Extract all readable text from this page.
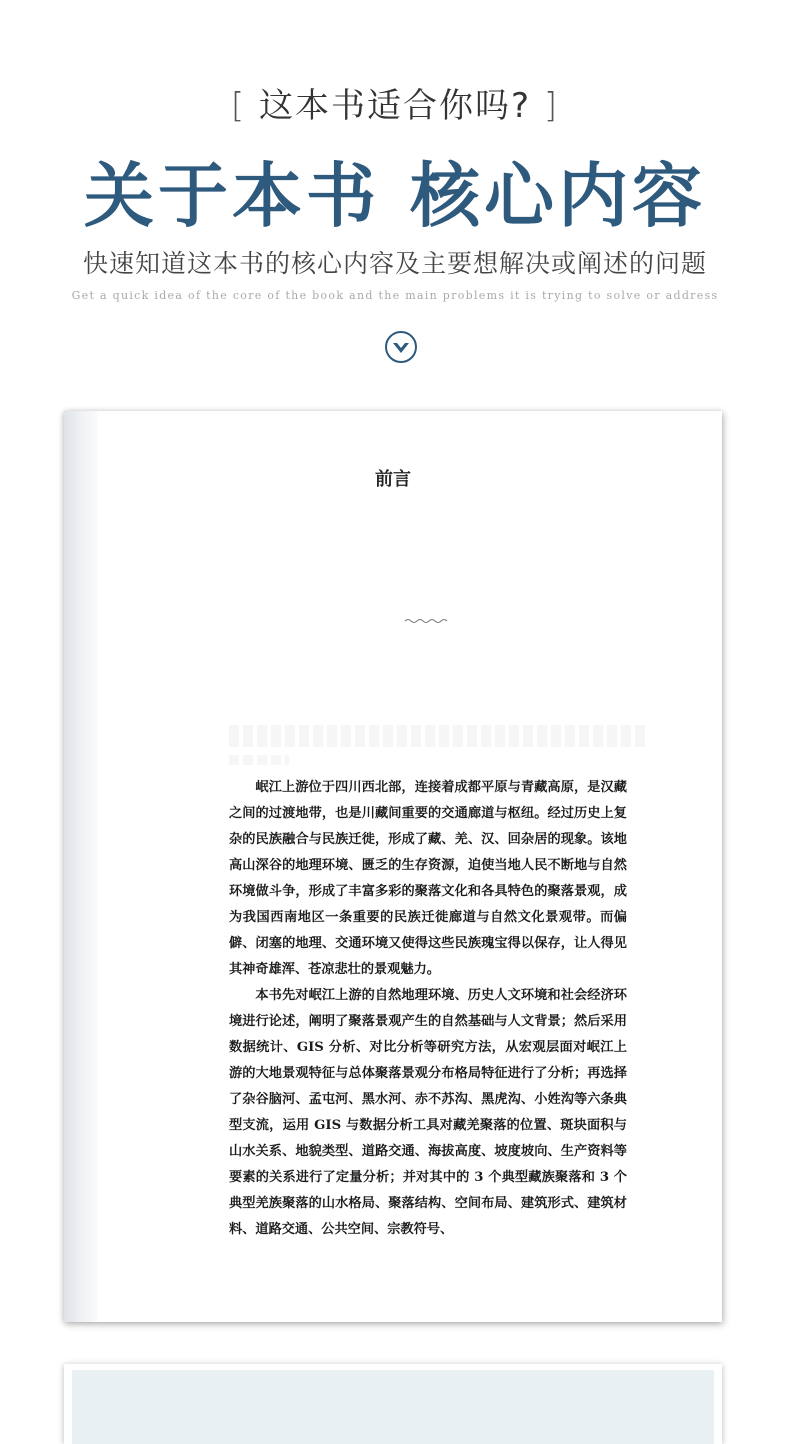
[ 这本书适合你吗? ]
关于本书 核心内容
快速知道这本书的核心内容及主要想解决或阐述的问题
Get a quick idea of the core of the book and the main problems it is trying to solve or address
前言

岷江上游位于四川西北部，连接着成都平原与青藏高原，是汉藏之间的过渡地带，也是川藏间重要的交通廊道与枢纽。经过历史上复杂的民族融合与民族迁徙，形成了藏、羌、汉、回杂居的现象。该地高山深谷的地理环境、匮乏的生存资源，迫使当地人民不断地与自然环境做斗争，形成了丰富多彩的聚落文化和各具特色的聚落景观，成为我国西南地区一条重要的民族迁徙廊道与自然文化景观带。而偏僻、闭塞的地理、交通环境又使得这些民族瑰宝得以保存，让人得见其神奇雄浑、苍凉悲壮的景观魅力。

本书先对岷江上游的自然地理环境、历史人文环境和社会经济环境进行论述，阐明了聚落景观产生的自然基础与人文背景；然后采用数据统计、GIS 分析、对比分析等研究方法，从宏观层面对岷江上游的大地景观特征与总体聚落景观分布格局特征进行了分析；再选择了杂谷脑河、孟屯河、黑水河、赤不苏沟、黑虎沟、小姓沟等六条典型支流，运用 GIS 与数据分析工具对藏羌聚落的位置、斑块面积与山水关系、地貌类型、道路交通、海拔高度、坡度坡向、生产资料等要素的关系进行了定量分析；并对其中的 3 个典型藏族聚落和 3 个典型羌族聚落的山水格局、聚落结构、空间布局、建筑形式、建筑材料、道路交通、公共空间、宗教符号、
